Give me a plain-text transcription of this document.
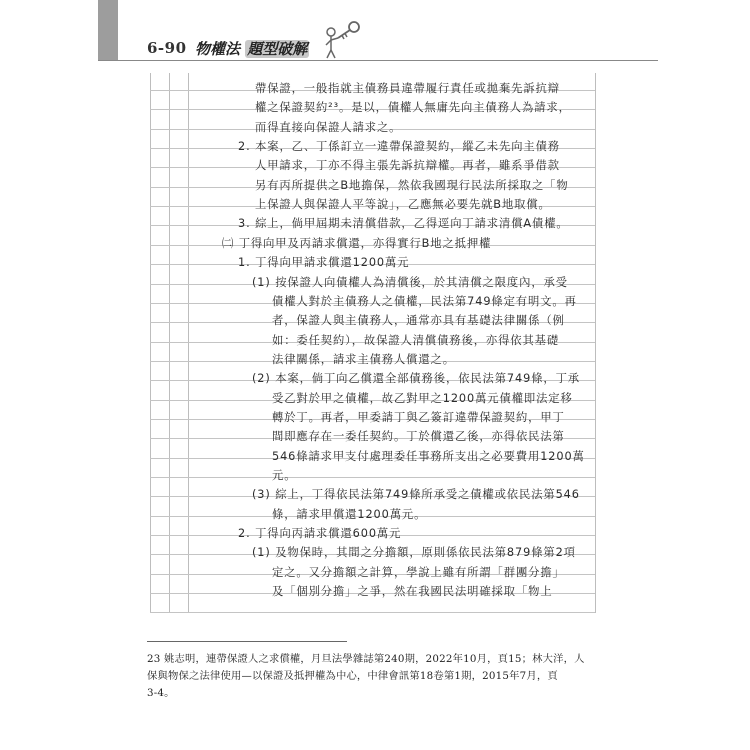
6-90 物權法 題型破解
帶保證，一般指就主債務員違帶履行責任或拋棄先訴抗辯
權之保證契約²³。是以，債權人無庸先向主債務人為請求，
而得直接向保證人請求之。
2. 本案，乙、丁係訂立一違帶保證契約，縱乙未先向主債務
人甲請求，丁亦不得主張先訴抗辯權。再者，雖系爭借款
另有丙所提供之B地擔保，然依我國現行民法所採取之「物
上保證人與保證人平等說」，乙應無必要先就B地取償。
3. 綜上，倘甲屆期未清償借款，乙得逕向丁請求清償A債權。
㈡ 丁得向甲及丙請求償還，亦得實行B地之抵押權
1. 丁得向甲請求償還1200萬元
(1) 按保證人向債權人為清償後，於其清償之限度內，承受
債權人對於主債務人之債權，民法第749條定有明文。再
者，保證人與主債務人，通常亦具有基礎法律關係（例
如：委任契約），故保證人清償債務後，亦得依其基礎
法律關係，請求主債務人償還之。
(2) 本案，倘丁向乙償還全部債務後，依民法第749條，丁承
受乙對於甲之債權，故乙對甲之1200萬元債權即法定移
轉於丁。再者，甲委請丁與乙簽訂違帶保證契約，甲丁
間即應存在一委任契約。丁於償還乙後，亦得依民法第
546條請求甲支付處理委任事務所支出之必要費用1200萬
元。
(3) 綜上，丁得依民法第749條所承受之債權或依民法第546
條，請求甲償還1200萬元。
2. 丁得向丙請求償還600萬元
(1) 及物保時，其間之分擔額，原則係依民法第879條第2項
定之。又分擔額之計算，學說上雖有所謂「群團分擔」
及「個別分擔」之爭，然在我國民法明確採取「物上
23 姚志明，連帶保證人之求償權，月旦法學雜誌第240期，2022年10月，頁15；林大洋，人
保與物保之法律使用—以保證及抵押權為中心，中律會訊第18卷第1期，2015年7月，頁
3-4。
